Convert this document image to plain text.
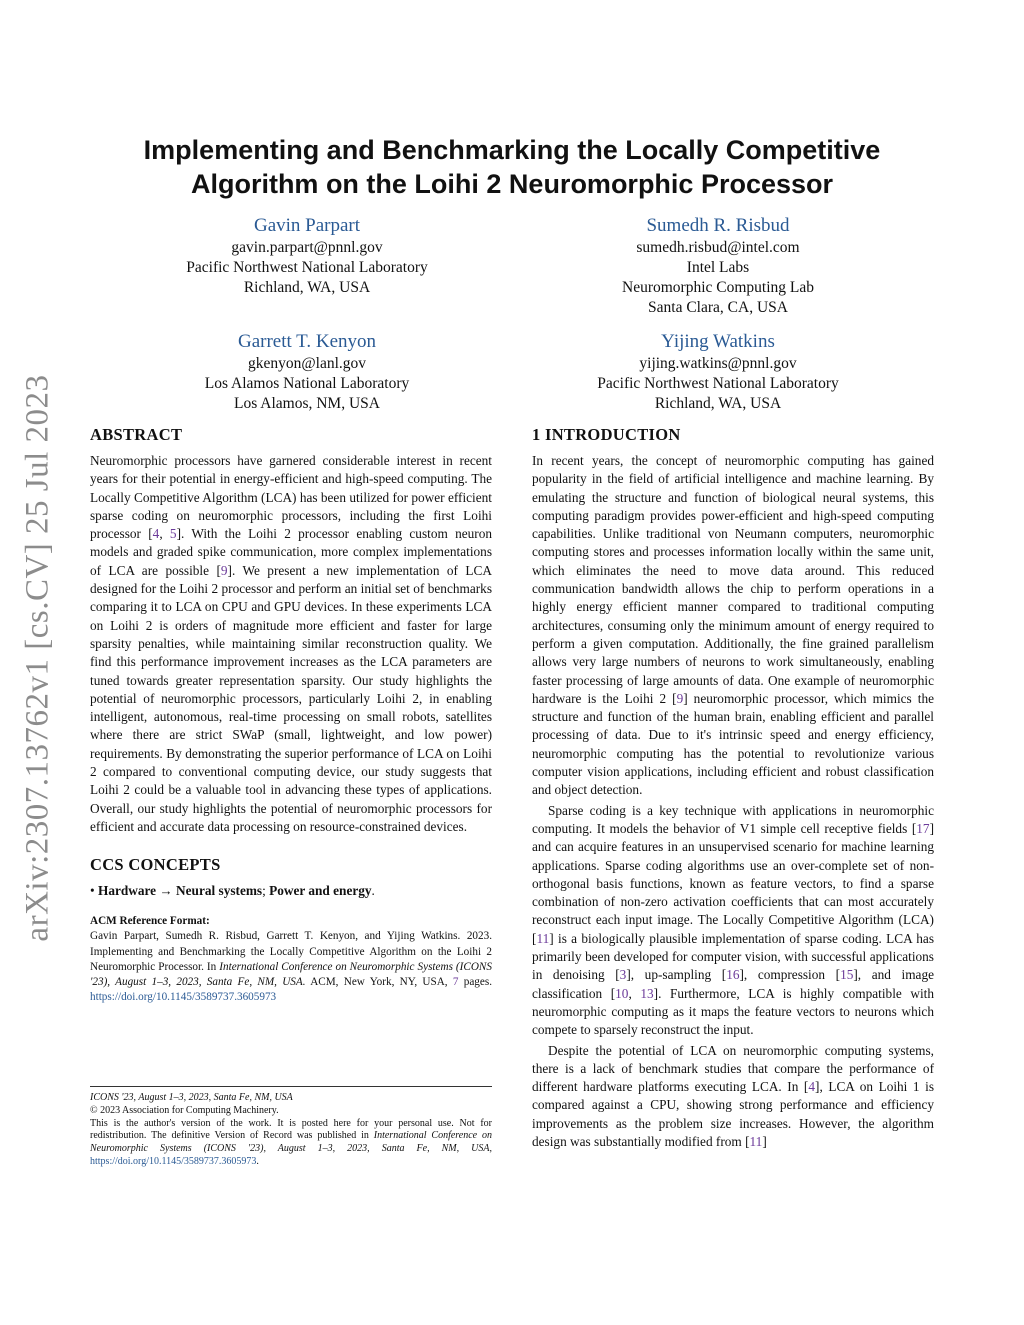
arXiv:2307.13762v1 [cs.CV] 25 Jul 2023
Implementing and Benchmarking the Locally Competitive
Algorithm on the Loihi 2 Neuromorphic Processor
Gavin Parpart
gavin.parpart@pnnl.gov
Pacific Northwest National Laboratory
Richland, WA, USA
Sumedh R. Risbud
sumedh.risbud@intel.com
Intel Labs
Neuromorphic Computing Lab
Santa Clara, CA, USA
Garrett T. Kenyon
gkenyon@lanl.gov
Los Alamos National Laboratory
Los Alamos, NM, USA
Yijing Watkins
yijing.watkins@pnnl.gov
Pacific Northwest National Laboratory
Richland, WA, USA
ABSTRACT

Neuromorphic processors have garnered considerable interest in recent years for their potential in energy-efficient and high-speed computing. The Locally Competitive Algorithm (LCA) has been utilized for power efficient sparse coding on neuromorphic processors, including the first Loihi processor [4, 5]. With the Loihi 2 processor enabling custom neuron models and graded spike communication, more complex implementations of LCA are possible [9]. We present a new implementation of LCA designed for the Loihi 2 processor and perform an initial set of benchmarks comparing it to LCA on CPU and GPU devices. In these experiments LCA on Loihi 2 is orders of magnitude more efficient and faster for large sparsity penalties, while maintaining similar reconstruction quality. We find this performance improvement increases as the LCA parameters are tuned towards greater representation sparsity. Our study highlights the potential of neuromorphic processors, particularly Loihi 2, in enabling intelligent, autonomous, real-time processing on small robots, satellites where there are strict SWaP (small, lightweight, and low power) requirements. By demonstrating the superior performance of LCA on Loihi 2 compared to conventional computing device, our study suggests that Loihi 2 could be a valuable tool in advancing these types of applications. Overall, our study highlights the potential of neuromorphic processors for efficient and accurate data processing on resource-constrained devices.

CCS CONCEPTS

• Hardware → Neural systems; Power and energy.

ACM Reference Format:
Gavin Parpart, Sumedh R. Risbud, Garrett T. Kenyon, and Yijing Watkins. 2023. Implementing and Benchmarking the Locally Competitive Algorithm on the Loihi 2 Neuromorphic Processor. In International Conference on Neuromorphic Systems (ICONS '23), August 1–3, 2023, Santa Fe, NM, USA. ACM, New York, NY, USA, 7 pages. https://doi.org/10.1145/3589737.3605973

ICONS '23, August 1–3, 2023, Santa Fe, NM, USA

© 2023 Association for Computing Machinery.

This is the author's version of the work. It is posted here for your personal use. Not for redistribution. The definitive Version of Record was published in International Conference on Neuromorphic Systems (ICONS '23), August 1–3, 2023, Santa Fe, NM, USA, https://doi.org/10.1145/3589737.3605973.

1 INTRODUCTION

In recent years, the concept of neuromorphic computing has gained popularity in the field of artificial intelligence and machine learning. By emulating the structure and function of biological neural systems, this computing paradigm provides power-efficient and high-speed computing capabilities. Unlike traditional von Neumann computers, neuromorphic computing stores and processes information locally within the same unit, which eliminates the need to move data around. This reduced communication bandwidth allows the chip to perform operations in a highly energy efficient manner compared to traditional computing architectures, consuming only the minimum amount of energy required to perform a given computation. Additionally, the fine grained parallelism allows very large numbers of neurons to work simultaneously, enabling faster processing of large amounts of data. One example of neuromorphic hardware is the Loihi 2 [9] neuromorphic processor, which mimics the structure and function of the human brain, enabling efficient and parallel processing of data. Due to it's intrinsic speed and energy efficiency, neuromorphic computing has the potential to revolutionize various computer vision applications, including efficient and robust classification and object detection.

Sparse coding is a key technique with applications in neuromorphic computing. It models the behavior of V1 simple cell receptive fields [17] and can acquire features in an unsupervised scenario for machine learning applications. Sparse coding algorithms use an over-complete set of non-orthogonal basis functions, known as feature vectors, to find a sparse combination of non-zero activation coefficients that can most accurately reconstruct each input image. The Locally Competitive Algorithm (LCA) [11] is a biologically plausible implementation of sparse coding. LCA has primarily been developed for computer vision, with successful applications in denoising [3], up-sampling [16], compression [15], and image classification [10, 13]. Furthermore, LCA is highly compatible with neuromorphic computing as it maps the feature vectors to neurons which compete to sparsely reconstruct the input.

Despite the potential of LCA on neuromorphic computing systems, there is a lack of benchmark studies that compare the performance of different hardware platforms executing LCA. In [4], LCA on Loihi 1 is compared against a CPU, showing strong performance and efficiency improvements as the problem size increases. However, the algorithm design was substantially modified from [11]
